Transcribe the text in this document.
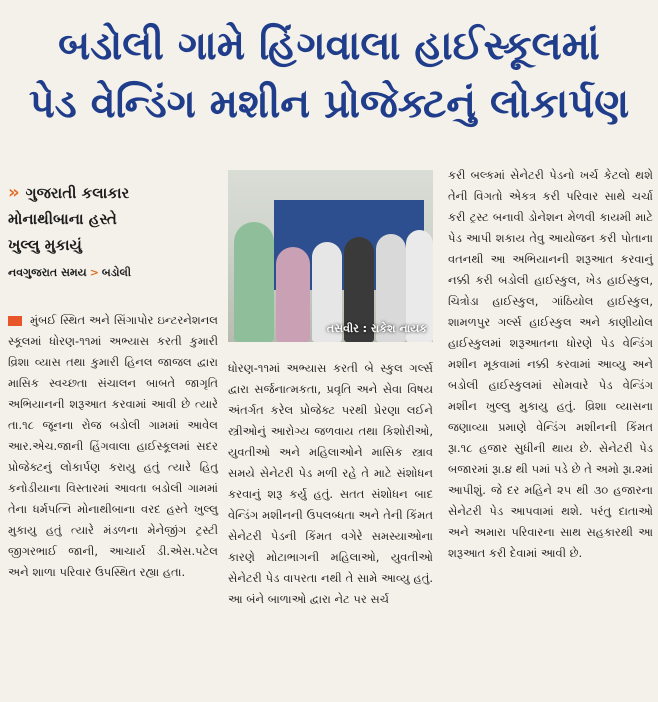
બડોલી ગામે હિંગવાલા હાઈસ્કૂલમાં
પેડ વેન્ડિંગ મશીન પ્રોજેક્ટનું લોકાર્પણ
» ગુજરાતી કલાકાર
મોનાથીબાના હસ્તે
ખુલ્લુ મુકાયું
નવગુજરાત સમય > બડોલી
તસવીર : રાકેશ નાયક

મુંબઈ સ્થિત અને સિંગાપોર ઇન્ટરનેશનલ સ્કૂલમાં ધોરણ-૧૧માં અભ્યાસ કરતી કુમારી વ્રિશા વ્યાસ તથા કુમારી હિનલ જાજલ દ્વારા માસિક સ્વચ્છતા સંચાલન બાબતે જાગૃતિ અભિયાનની શરૂઆત કરવામાં આવી છે ત્યારે તા.૧૮ જૂનના રોજ બડોલી ગામમાં આવેલ આર.એચ.જાની હિંગવાલા હાઈસ્કૂલમાં સદર પ્રોજેક્ટનું લોકાર્પણ કરાયુ હતું ત્યારે હિતુ કનોડીયાના વિસ્તારમાં આવતા બડોલી ગામમાં તેના ધર્મપત્નિ મોનાથીબાના વરદ હસ્તે ખુલ્લુ મુકાયુ હતું ત્યારે મંડળના મેનેજીંગ ટ્રસ્ટી જીગરભાઈ જાની, આચાર્ય ડી.એસ.પટેલ અને શાળા પરિવાર ઉપસ્થિત રહ્યા હતા.

ધોરણ-૧૧માં અભ્યાસ કરતી બે સ્કુલ ગર્લ્સ દ્વારા સર્જનાત્મકતા, પ્રવૃતિ અને સેવા વિષય અંતર્ગત કરેલ પ્રોજેક્ટ પરથી પ્રેરણા લઈને સ્ત્રીઓનું આરોગ્ય જળવાય તથા કિશોરીઓ, યુવતીઓ અને મહિલાઓને માસિક સ્ત્રાવ સમયે સેનેટરી પેડ મળી રહે તે માટે સંશોધન કરવાનું શરૂ કર્યુ હતું. સતત સંશોધન બાદ વેન્ડિંગ મશીનની ઉપલબ્ધતા અને તેની કિંમત સેનેટરી પેડની કિંમત વગેરે સમસ્યાઓના કારણે મોટાભાગની મહિલાઓ, યુવતીઓ સેનેટરી પેડ વાપરતા નથી તે સામે આવ્યુ હતું. આ બંને બાળાઓ દ્વારા નેટ પર સર્ચ

કરી બલ્કમાં સેનેટરી પેડનો ખર્ચ કેટલો થશે તેની વિગતો એકત્ર કરી પરિવાર સાથે ચર્ચા કરી ટ્રસ્ટ બનાવી ડોનેશન મેળવી કાયમી માટે પેડ આપી શકાય તેવુ આયોજન કરી પોતાના વતનથી આ અભિયાનની શરૂઆત કરવાનું નક્કી કરી બડોલી હાઈસ્કુલ, ખેડ હાઈસ્કુલ, ચિત્રોડા હાઈસ્કુલ, ગાંઠિયોલ હાઈસ્કુલ, શામળપુર ગર્લ્સ હાઈસ્કુલ અને કાણીયોલ હાઈસ્કુલમાં શરૂઆતના ધોરણે પેડ વેન્ડિંગ મશીન મૂકવામાં નક્કી કરવામાં આવ્યુ અને બડોલી હાઈસ્કુલમાં સોમવારે પેડ વેન્ડિંગ મશીન ખુલ્લુ મુકાયુ હતું. વ્રિશા વ્યાસના જણાવ્યા પ્રમાણે વેન્ડિંગ મશીનની કિંમત રૂા.૧૮ હજાર સુધીની થાય છે. સેનેટરી પેડ બજારમાં રૂા.૪ થી ૫માં પડે છે તે અમો રૂા.૨માં આપીશું. જે દર મહિને ૨૫ થી ૩૦ હજારના સેનેટરી પેડ આપવામાં થશે. પરંતુ દાતાઓ અને અમારા પરિવારના સાથ સહકારથી આ શરૂઆત કરી દેવામાં આવી છે.
